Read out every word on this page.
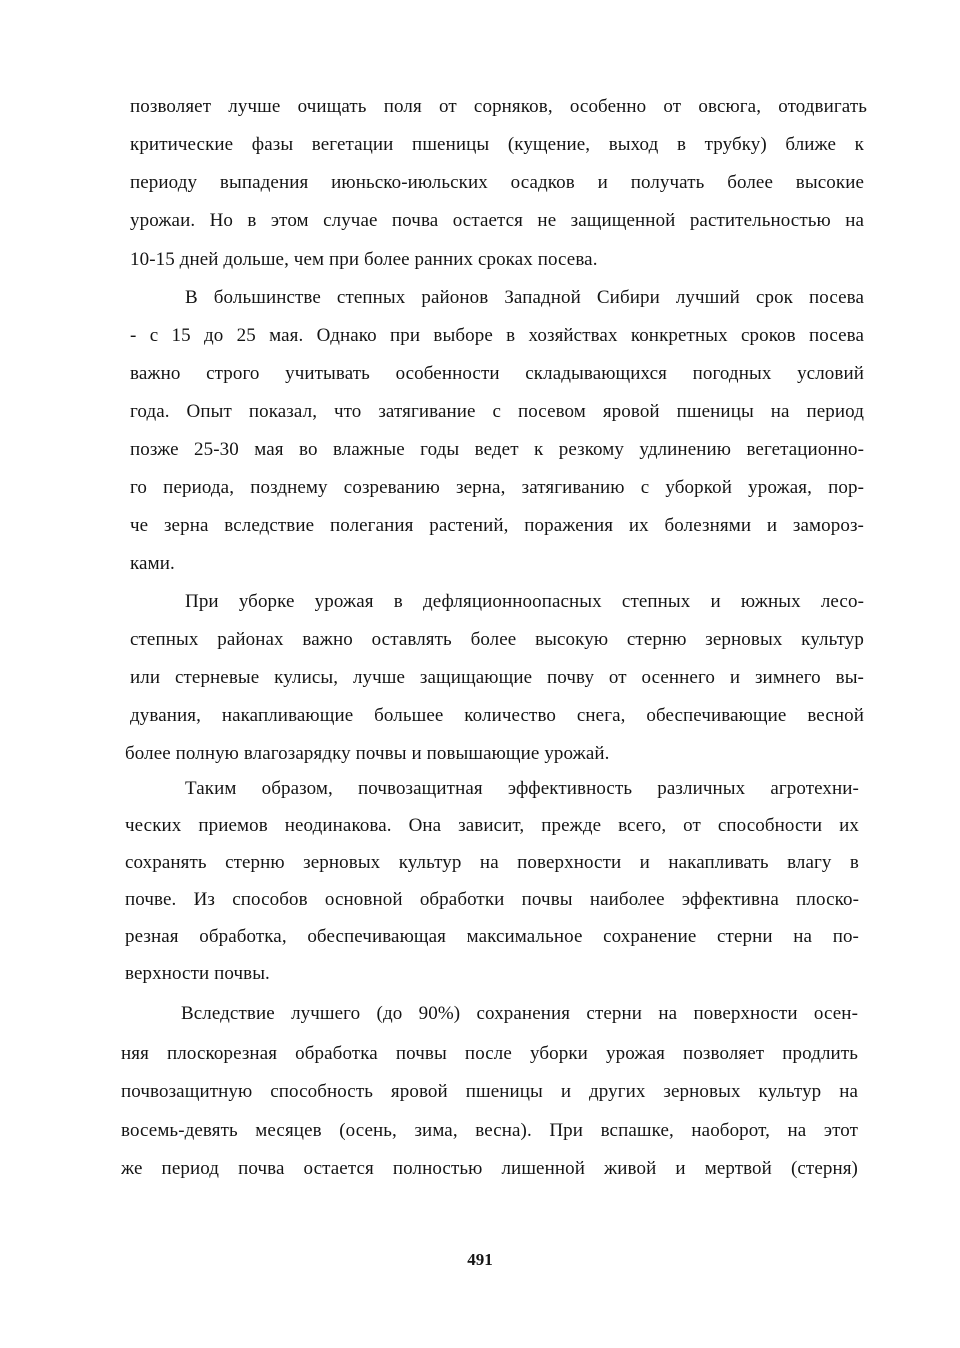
позволяет лучше очищать поля от сорняков, особенно от овсюга, отодвигать
критические фазы вегетации пшеницы (кущение, выход в трубку) ближе к
периоду выпадения июньско-июльских осадков и получать более высокие
урожаи. Но в этом случае почва остается не защищенной растительностью на
10-15 дней дольше, чем при более ранних сроках посева.
В большинстве степных районов Западной Сибири лучший срок посева
- с 15 до 25 мая. Однако при выборе в хозяйствах конкретных сроков посева
важно строго учитывать особенности складывающихся погодных условий
года. Опыт показал, что затягивание с посевом яровой пшеницы на период
позже 25-30 мая во влажные годы ведет к резкому удлинению вегетационно-
го периода, позднему созреванию зерна, затягиванию с уборкой урожая, пор-
че зерна вследствие полегания растений, поражения их болезнями и замороз-
ками.
При уборке урожая в дефляционноопасных степных и южных лесо-
степных районах важно оставлять более высокую стерню зерновых культур
или стерневые кулисы, лучше защищающие почву от осеннего и зимнего вы-
дувания, накапливающие большее количество снега, обеспечивающие весной
более полную влагозарядку почвы и повышающие урожай.
Таким образом, почвозащитная эффективность различных агротехни-
ческих приемов неодинакова. Она зависит, прежде всего, от способности их
сохранять стерню зерновых культур на поверхности и накапливать влагу в
почве. Из способов основной обработки почвы наиболее эффективна плоско-
резная обработка, обеспечивающая максимальное сохранение стерни на по-
верхности почвы.
Вследствие лучшего (до 90%) сохранения стерни на поверхности осен-
няя плоскорезная обработка почвы после уборки урожая позволяет продлить
почвозащитную способность яровой пшеницы и других зерновых культур на
восемь-девять месяцев (осень, зима, весна). При вспашке, наоборот, на этот
же период почва остается полностью лишенной живой и мертвой (стерня)
491
